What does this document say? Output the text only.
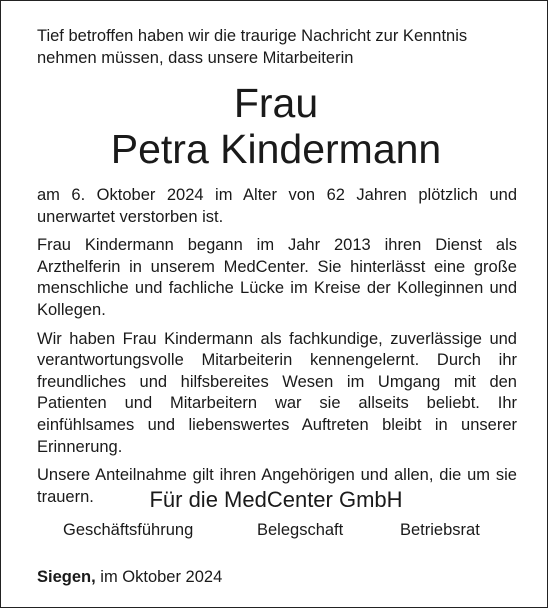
Tief betroffen haben wir die traurige Nachricht zur Kenntnis nehmen müssen, dass unsere Mitarbeiterin
Frau
Petra Kindermann

am 6. Oktober 2024 im Alter von 62 Jahren plötzlich und unerwartet verstorben ist.

Frau Kindermann begann im Jahr 2013 ihren Dienst als Arzthelferin in unserem MedCenter. Sie hinterlässt eine große menschliche und fachliche Lücke im Kreise der Kolleginnen und Kollegen.

Wir haben Frau Kindermann als fachkundige, zuverlässige und verantwortungsvolle Mitarbeiterin kennengelernt. Durch ihr freundliches und hilfsbereites Wesen im Umgang mit den Patienten und Mitarbeitern war sie allseits beliebt. Ihr einfühlsames und liebenswertes Auftreten bleibt in unserer Erinnerung.

Unsere Anteilnahme gilt ihren Angehörigen und allen, die um sie trauern.	Für die MedCenter GmbH
Geschäftsführung	Belegschaft	Betriebsrat
Siegen, im Oktober 2024
